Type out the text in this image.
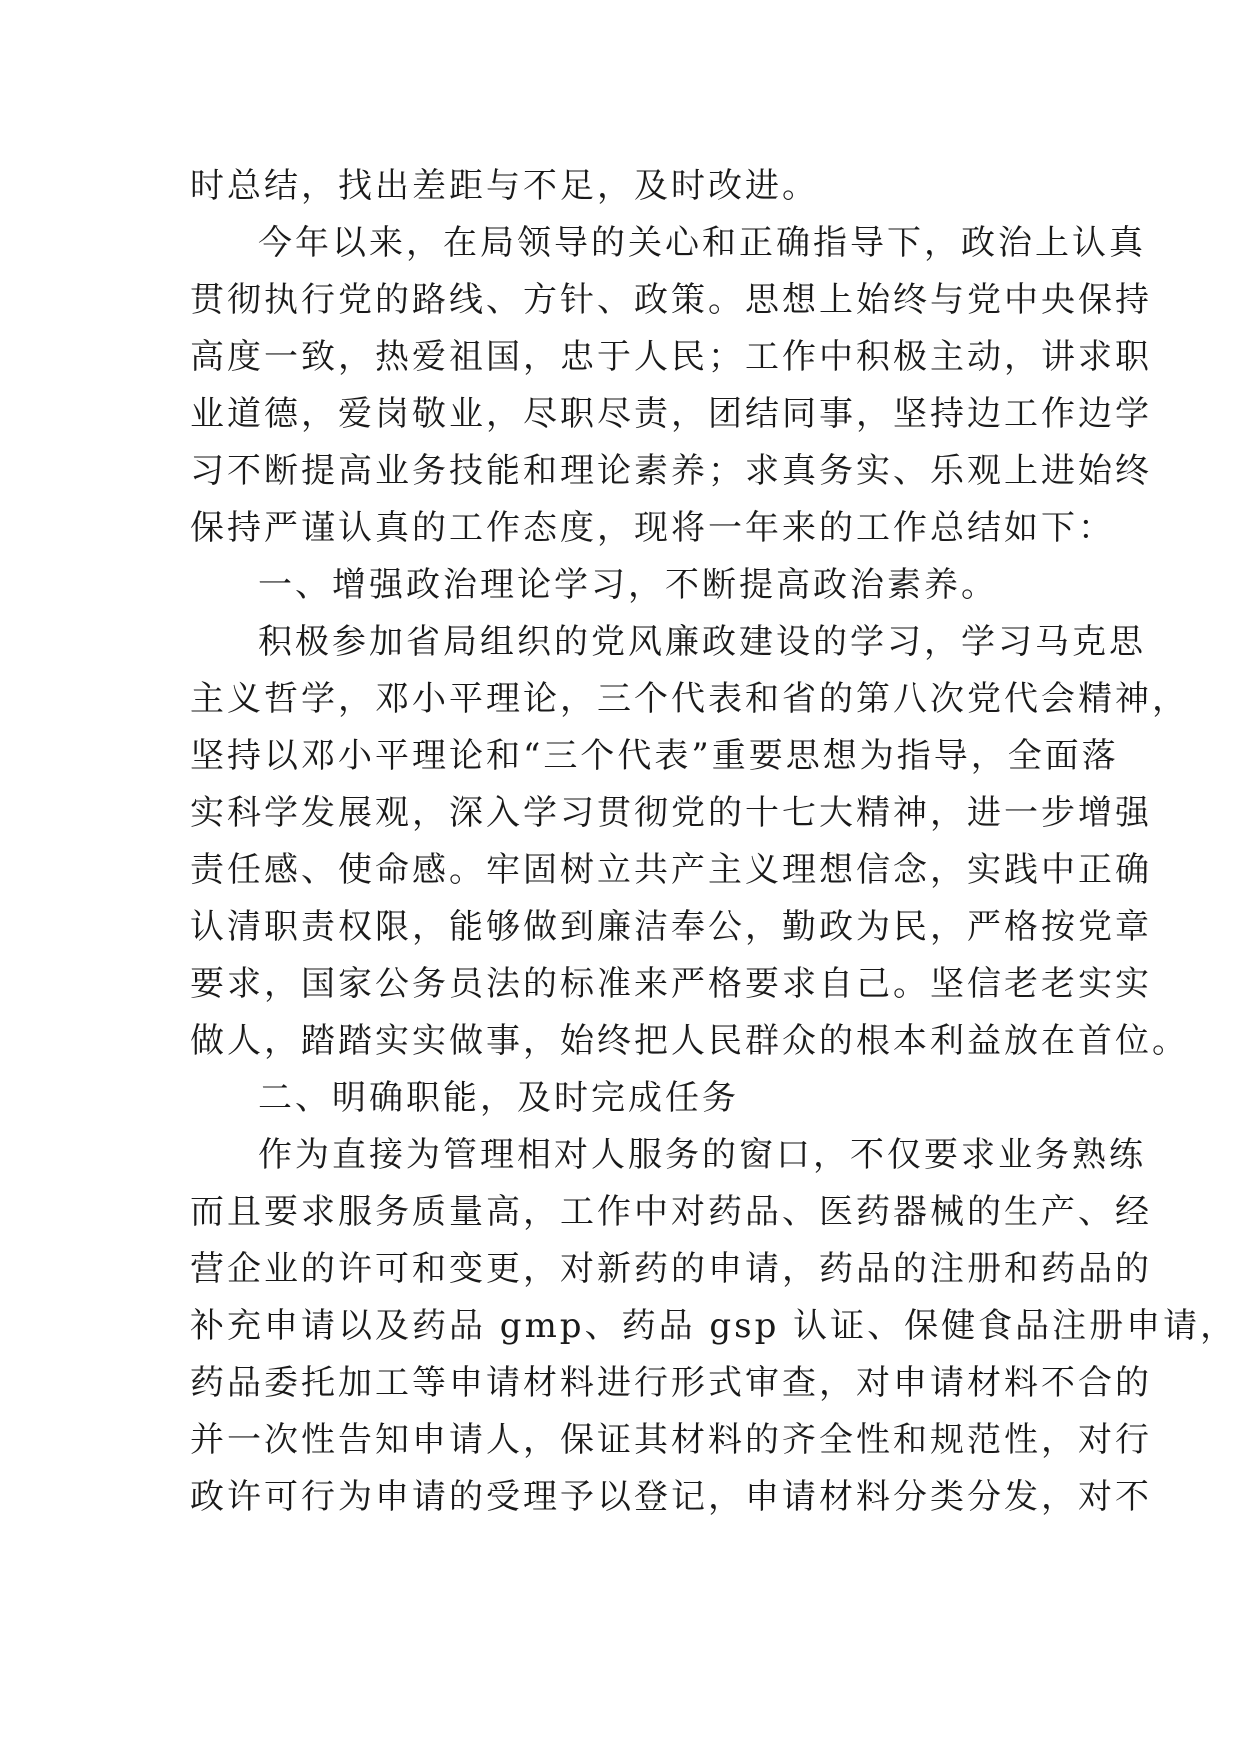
时总结，找出差距与不足，及时改进。
今年以来，在局领导的关心和正确指导下，政治上认真
贯彻执行党的路线、方针、政策。思想上始终与党中央保持
高度一致，热爱祖国，忠于人民；工作中积极主动，讲求职
业道德，爱岗敬业，尽职尽责，团结同事，坚持边工作边学
习不断提高业务技能和理论素养；求真务实、乐观上进始终
保持严谨认真的工作态度，现将一年来的工作总结如下：
一、增强政治理论学习，不断提高政治素养。
积极参加省局组织的党风廉政建设的学习，学习马克思
主义哲学，邓小平理论，三个代表和省的第八次党代会精神，
坚持以邓小平理论和“三个代表”重要思想为指导，全面落
实科学发展观，深入学习贯彻党的十七大精神，进一步增强
责任感、使命感。牢固树立共产主义理想信念，实践中正确
认清职责权限，能够做到廉洁奉公，勤政为民，严格按党章
要求，国家公务员法的标准来严格要求自己。坚信老老实实
做人，踏踏实实做事，始终把人民群众的根本利益放在首位。
二、明确职能，及时完成任务
作为直接为管理相对人服务的窗口，不仅要求业务熟练
而且要求服务质量高，工作中对药品、医药器械的生产、经
营企业的许可和变更，对新药的申请，药品的注册和药品的
补充申请以及药品 gmp、药品 gsp 认证、保健食品注册申请，
药品委托加工等申请材料进行形式审查，对申请材料不合的
并一次性告知申请人，保证其材料的齐全性和规范性，对行
政许可行为申请的受理予以登记，申请材料分类分发，对不
